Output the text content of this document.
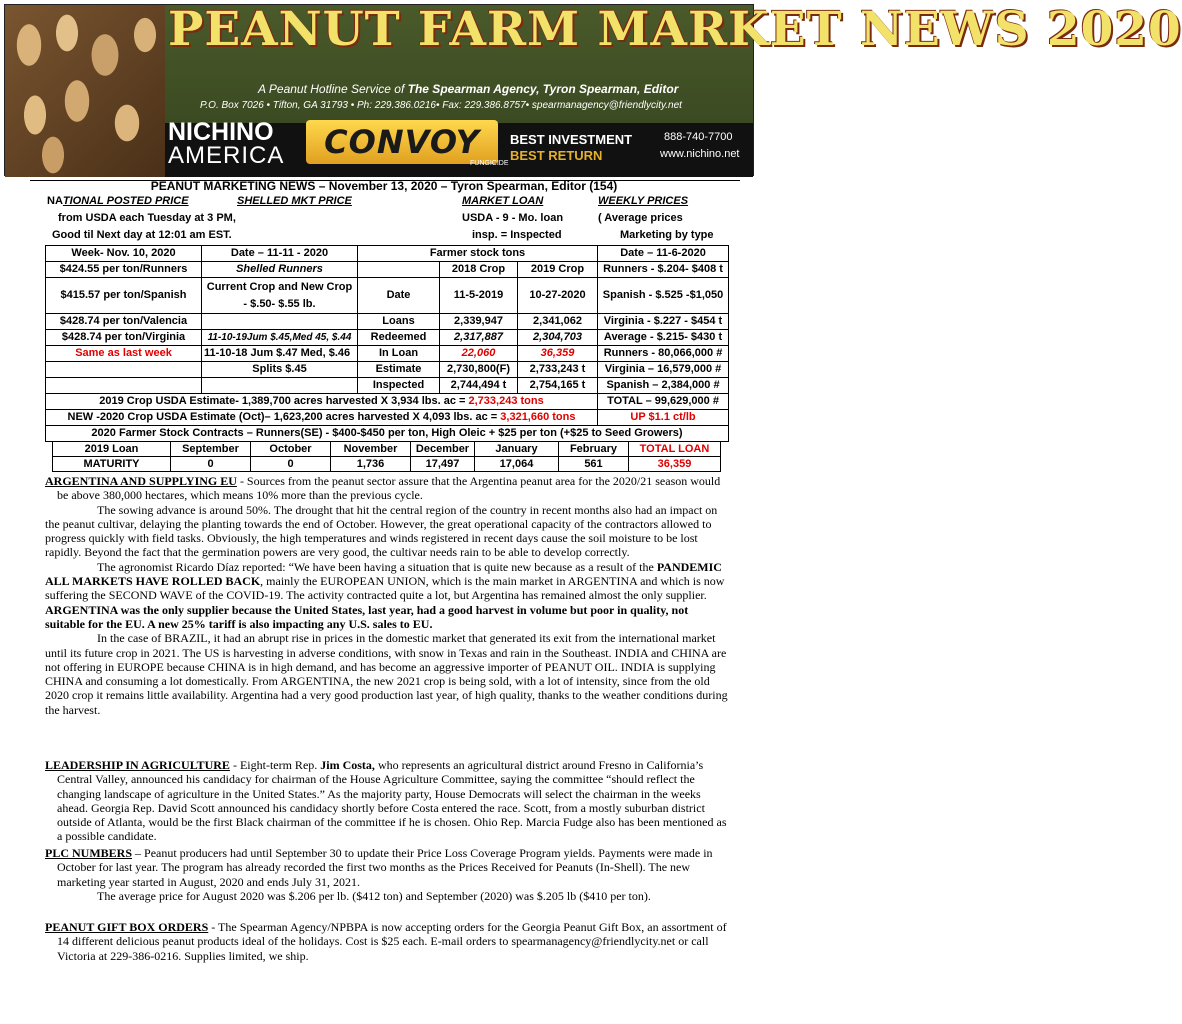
PEANUT FARM MARKET NEWS 2020
A Peanut Hotline Service of The Spearman Agency, Tyron Spearman, Editor
P.O. Box 7026 • Tifton, GA 31793 • Ph: 229.386.0216• Fax: 229.386.8757• spearmanagency@friendlycity.net
NICHINO
AMERICA	CONVOY
FUNGICIDE
BEST INVESTMENT
BEST RETURN
888-740-7700
www.nichino.net
PEANUT MARKETING NEWS – November 13, 2020 – Tyron Spearman, Editor (154)
NATIONAL POSTED PRICE	SHELLED MKT PRICE	MARKET LOAN	WEEKLY PRICES
from USDA each Tuesday at 3 PM,
Good til Next day at 12:01 am EST.
USDA - 9 - Mo. loan
insp. = Inspected
( Average prices
Marketing by type
Week- Nov. 10, 2020	Date – 11-11 - 2020	Farmer stock tons			Date – 11-6-2020
$424.55 per ton/Runners	Shelled Runners		2018 Crop	2019 Crop	Runners - $.204- $408 t
$415.57 per ton/Spanish	Current Crop and New Crop - $.50- $.55 lb.	Date	11-5-2019	10-27-2020	Spanish - $.525 -$1,050
$428.74 per ton/Valencia		Loans	2,339,947	2,341,062	Virginia - $.227 - $454 t
$428.74 per ton/Virginia	11-10-19Jum $.45,Med 45, $.44	Redeemed	2,317,887	2,304,703	Average - $.215- $430 t
Same as last week	11-10-18 Jum $.47 Med, $.46	In Loan	22,060	36,359	Runners - 80,066,000 #
	Splits $.45	Estimate	2,730,800(F)	2,733,243 t	Virginia – 16,579,000 #
		Inspected	2,744,494 t	2,754,165 t	Spanish – 2,384,000 #
2019 Crop USDA Estimate- 1,389,700 acres harvested X 3,934 lbs. ac = 2,733,243 tons					TOTAL – 99,629,000 #
NEW -2020 Crop USDA Estimate (Oct)– 1,623,200 acres harvested X 4,093 lbs. ac = 3,321,660 tons					UP $1.1 ct/lb
2020 Farmer Stock Contracts – Runners(SE) - $400-$450 per ton, High Oleic + $25 per ton (+$25 to Seed Growers)					
2019 Loan	September	October	November	December	January	February	TOTAL LOAN
MATURITY	0	0	1,736	17,497	17,064	561	36,359

ARGENTINA AND SUPPLYING EU - Sources from the peanut sector assure that the Argentina peanut area for the 2020/21 season would be above 380,000 hectares, which means 10% more than the previous cycle.

The sowing advance is around 50%. The drought that hit the central region of the country in recent months also had an impact on the peanut cultivar, delaying the planting towards the end of October. However, the great operational capacity of the contractors allowed to progress quickly with field tasks. Obviously, the high temperatures and winds registered in recent days cause the soil moisture to be lost rapidly. Beyond the fact that the germination powers are very good, the cultivar needs rain to be able to develop correctly.

The agronomist Ricardo Díaz reported: “We have been having a situation that is quite new because as a result of the PANDEMIC ALL MARKETS HAVE ROLLED BACK, mainly the EUROPEAN UNION, which is the main market in ARGENTINA and which is now suffering the SECOND WAVE of the COVID-19. The activity contracted quite a lot, but Argentina has remained almost the only supplier. ARGENTINA was the only supplier because the United States, last year, had a good harvest in volume but poor in quality, not suitable for the EU. A new 25% tariff is also impacting any U.S. sales to EU.

In the case of BRAZIL, it had an abrupt rise in prices in the domestic market that generated its exit from the international market until its future crop in 2021. The US is harvesting in adverse conditions, with snow in Texas and rain in the Southeast. INDIA and CHINA are not offering in EUROPE because CHINA is in high demand, and has become an aggressive importer of PEANUT OIL. INDIA is supplying CHINA and consuming a lot domestically. From ARGENTINA, the new 2021 crop is being sold, with a lot of intensity, since from the old 2020 crop it remains little availability. Argentina had a very good production last year, of high quality, thanks to the weather conditions during the harvest.

LEADERSHIP IN AGRICULTURE - Eight-term Rep. Jim Costa, who represents an agricultural district around Fresno in California’s Central Valley, announced his candidacy for chairman of the House Agriculture Committee, saying the committee “should reflect the changing landscape of agriculture in the United States.” As the majority party, House Democrats will select the chairman in the weeks ahead. Georgia Rep. David Scott announced his candidacy shortly before Costa entered the race. Scott, from a mostly suburban district outside of Atlanta, would be the first Black chairman of the committee if he is chosen. Ohio Rep. Marcia Fudge also has been mentioned as a possible candidate.

PLC NUMBERS – Peanut producers had until September 30 to update their Price Loss Coverage Program yields. Payments were made in October for last year. The program has already recorded the first two months as the Prices Received for Peanuts (In-Shell). The new marketing year started in August, 2020 and ends July 31, 2021.

The average price for August 2020 was $.206 per lb. ($412 ton) and September (2020) was $.205 lb ($410 per ton).

PEANUT GIFT BOX ORDERS - The Spearman Agency/NPBPA is now accepting orders for the Georgia Peanut Gift Box, an assortment of 14 different delicious peanut products ideal of the holidays. Cost is $25 each. E-mail orders to spearmanagency@friendlycity.net or call Victoria at 229-386-0216. Supplies limited, we ship.
